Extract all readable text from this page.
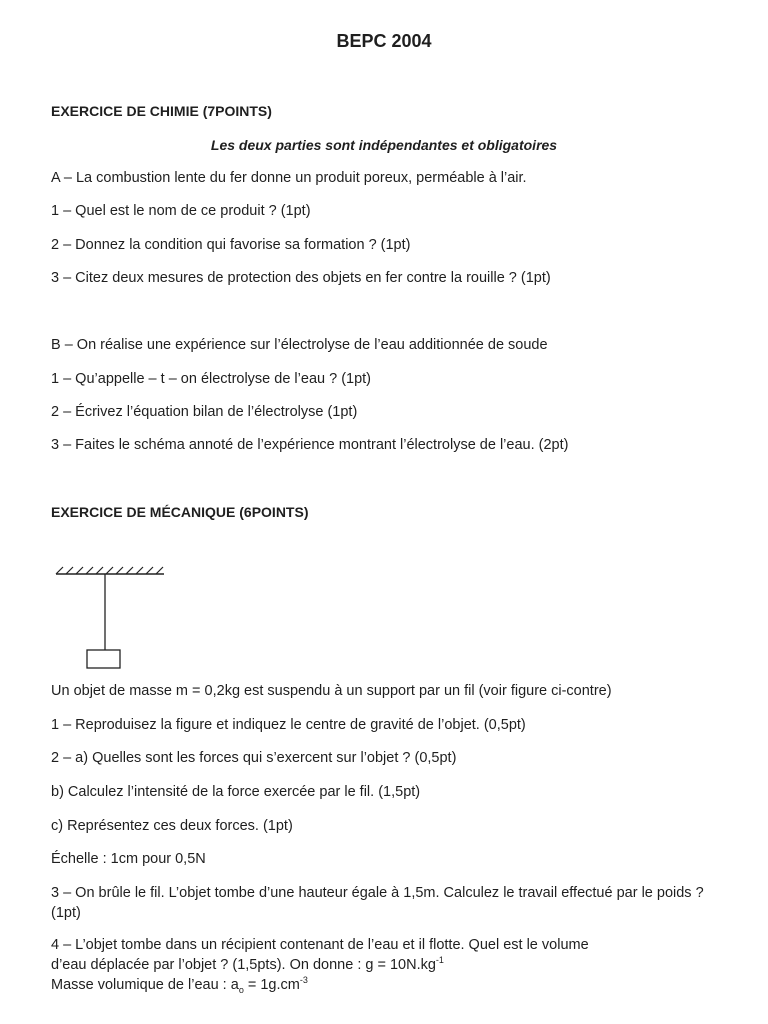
BEPC 2004
EXERCICE DE CHIMIE (7POINTS)
Les deux parties sont indépendantes et obligatoires
A – La combustion lente du fer donne un produit poreux, perméable à l’air.
1 – Quel est le nom de ce produit ? (1pt)
2 – Donnez la condition qui favorise sa formation ? (1pt)
3 – Citez deux mesures de protection des objets en fer contre la rouille ? (1pt)
B – On réalise une expérience sur l’électrolyse de l’eau additionnée de soude
1 – Qu’appelle – t – on électrolyse de l’eau ? (1pt)
2 – Écrivez l’équation bilan de l’électrolyse (1pt)
3 – Faites le schéma annoté de l’expérience montrant l’électrolyse de l’eau. (2pt)
EXERCICE DE MÉCANIQUE (6POINTS)
Un objet de masse m = 0,2kg est suspendu à un support par un fil (voir figure ci-contre)
1 – Reproduisez la figure et indiquez le centre de gravité de l’objet. (0,5pt)
2 – a) Quelles sont les forces qui s’exercent sur l’objet ? (0,5pt)
b) Calculez l’intensité de la force exercée par le fil. (1,5pt)
c) Représentez ces deux forces. (1pt)
Échelle : 1cm pour 0,5N
3 – On brûle le fil. L’objet tombe d’une hauteur égale à 1,5m. Calculez le travail effectué par le poids ? (1pt)
4 – L’objet tombe dans un récipient contenant de l’eau et il flotte. Quel est le volume
d’eau déplacée par l’objet ? (1,5pts). On donne : $g = 10N.kg^{-1}$
Masse volumique de l’eau : $a_o = 1g.cm^{-3}$
